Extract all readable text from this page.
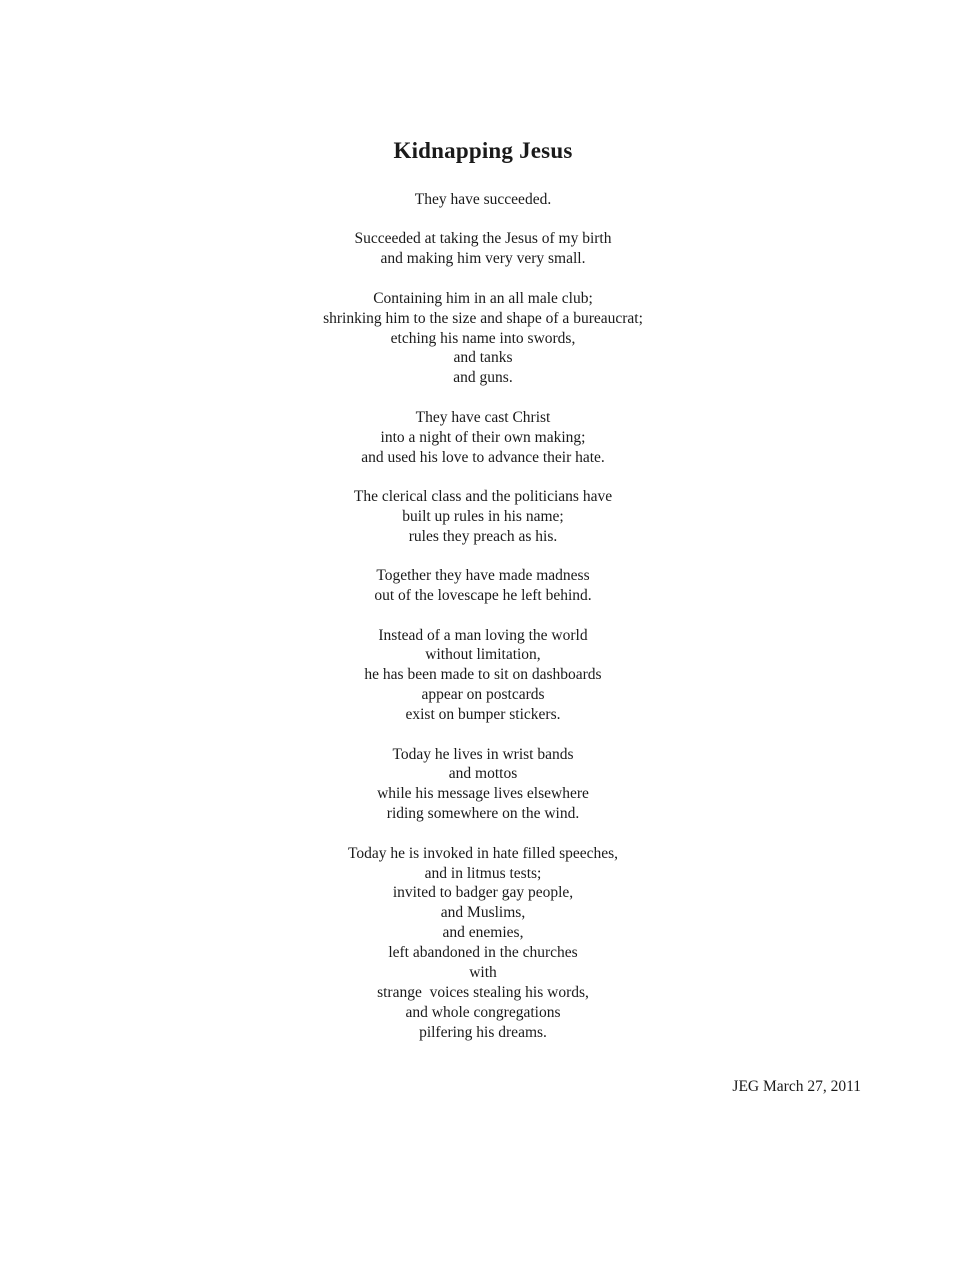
Kidnapping Jesus
They have succeeded.
Succeeded at taking the Jesus of my birth
and making him very very small.
Containing him in an all male club;
shrinking him to the size and shape of a bureaucrat;
etching his name into swords,
and tanks
and guns.
They have cast Christ
into a night of their own making;
and used his love to advance their hate.
The clerical class and the politicians have
built up rules in his name;
rules they preach as his.
Together they have made madness
out of the lovescape he left behind.
Instead of a man loving the world
without limitation,
he has been made to sit on dashboards
appear on postcards
exist on bumper stickers.
Today he lives in wrist bands
and mottos
while his message lives elsewhere
riding somewhere on the wind.
Today he is invoked in hate filled speeches,
and in litmus tests;
invited to badger gay people,
and Muslims,
and enemies,
left abandoned in the churches
with
strange  voices stealing his words,
and whole congregations
pilfering his dreams.
JEG March 27, 2011
